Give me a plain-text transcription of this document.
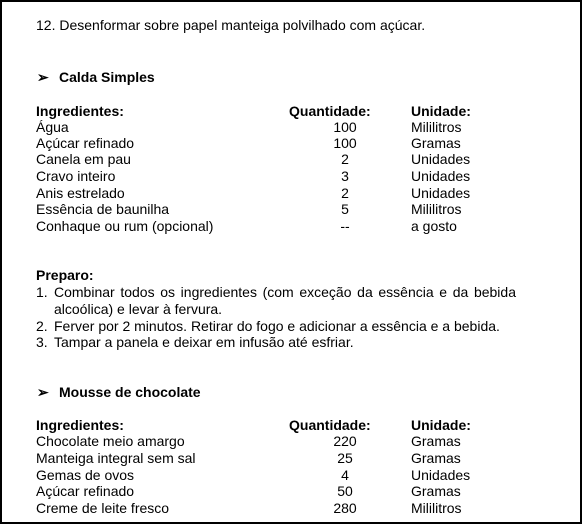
12. Desenformar sobre papel manteiga polvilhado com açúcar.
➢ Calda Simples
Ingredientes:	Quantidade:	Unidade:
Água	100	Mililitros
Açúcar refinado	100	Gramas
Canela em pau	2	Unidades
Cravo inteiro	3	Unidades
Anis estrelado	2	Unidades
Essência de baunilha	5	Mililitros
Conhaque ou rum (opcional)	--	a gosto
Preparo:
1. Combinar todos os ingredientes (com exceção da essência e da bebida
alcoólica) e levar à fervura.
2. Ferver por 2 minutos. Retirar do fogo e adicionar a essência e a bebida.
3. Tampar a panela e deixar em infusão até esfriar.
➢ Mousse de chocolate
Ingredientes:	Quantidade:	Unidade:
Chocolate meio amargo	220	Gramas
Manteiga integral sem sal	25	Gramas
Gemas de ovos	4	Unidades
Açúcar refinado	50	Gramas
Creme de leite fresco	280	Mililitros
